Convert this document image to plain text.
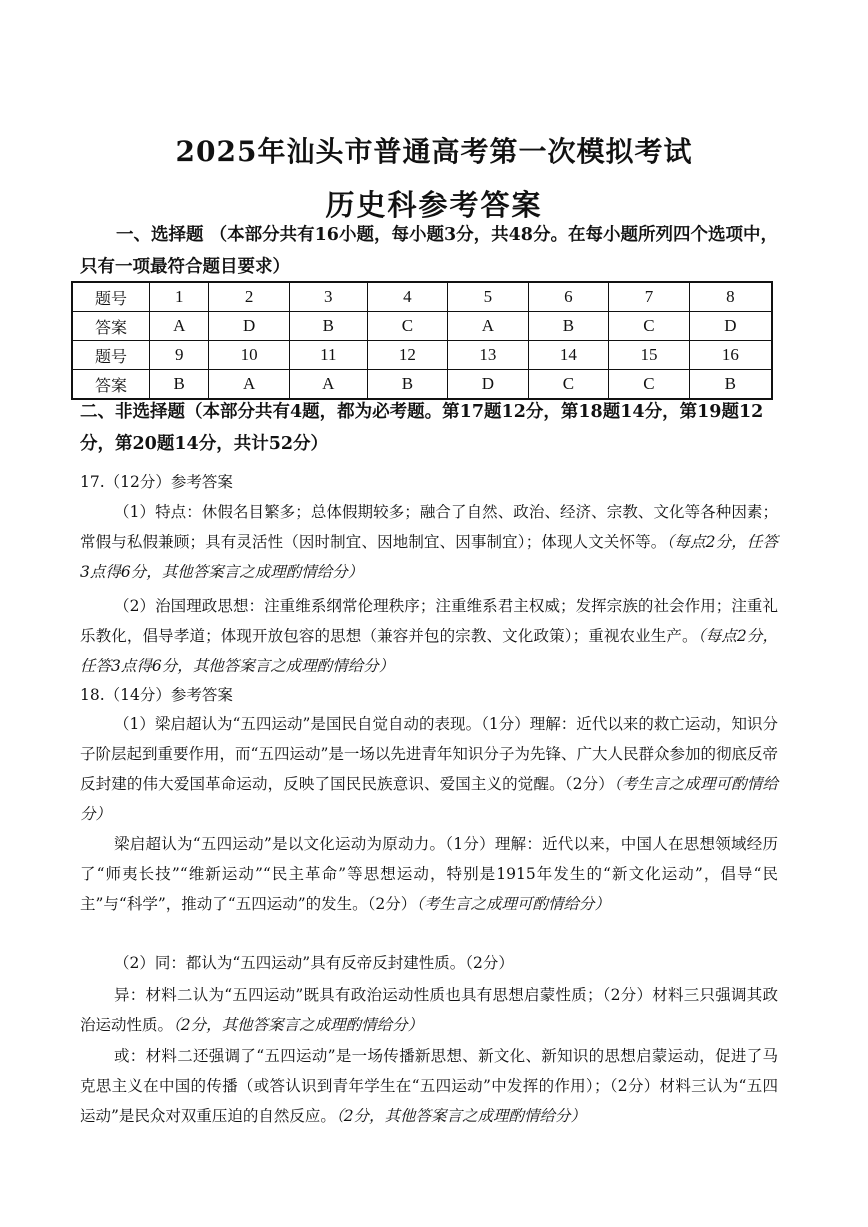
2025年汕头市普通高考第一次模拟考试
历史科参考答案
一、选择题 （本部分共有16小题，每小题3分，共48分。在每小题所列四个选项中，只有一项最符合题目要求）
题号	1	2	3	4	5	6	7	8
答案	A	D	B	C	A	B	C	D
题号	9	10	11	12	13	14	15	16
答案	B	A	A	B	D	C	C	B
二、非选择题（本部分共有4题，都为必考题。第17题12分，第18题14分，第19题12分，第20题14分，共计52分）
17.（12分）参考答案
（1）特点：休假名目繁多；总体假期较多；融合了自然、政治、经济、宗教、文化等各种因素；常假与私假兼顾；具有灵活性（因时制宜、因地制宜、因事制宜）；体现人文关怀等。（每点2分，任答3点得6分，其他答案言之成理酌情给分）
（2）治国理政思想：注重维系纲常伦理秩序；注重维系君主权威；发挥宗族的社会作用；注重礼乐教化，倡导孝道；体现开放包容的思想（兼容并包的宗教、文化政策）；重视农业生产。（每点2分，任答3点得6分，其他答案言之成理酌情给分）
18.（14分）参考答案
（1）梁启超认为“五四运动”是国民自觉自动的表现。（1分）理解：近代以来的救亡运动，知识分子阶层起到重要作用，而“五四运动”是一场以先进青年知识分子为先锋、广大人民群众参加的彻底反帝反封建的伟大爱国革命运动，反映了国民民族意识、爱国主义的觉醒。（2分）（考生言之成理可酌情给分）
梁启超认为“五四运动”是以文化运动为原动力。（1分）理解：近代以来，中国人在思想领域经历了“师夷长技”“维新运动”“民主革命”等思想运动，特别是1915年发生的“新文化运动”，倡导“民主”与“科学”，推动了“五四运动”的发生。（2分）（考生言之成理可酌情给分）
（2）同：都认为“五四运动”具有反帝反封建性质。（2分）
异：材料二认为“五四运动”既具有政治运动性质也具有思想启蒙性质；（2分）材料三只强调其政治运动性质。（2分，其他答案言之成理酌情给分）
或：材料二还强调了“五四运动”是一场传播新思想、新文化、新知识的思想启蒙运动，促进了马克思主义在中国的传播（或答认识到青年学生在“五四运动”中发挥的作用）；（2分）材料三认为“五四运动”是民众对双重压迫的自然反应。（2分，其他答案言之成理酌情给分）
